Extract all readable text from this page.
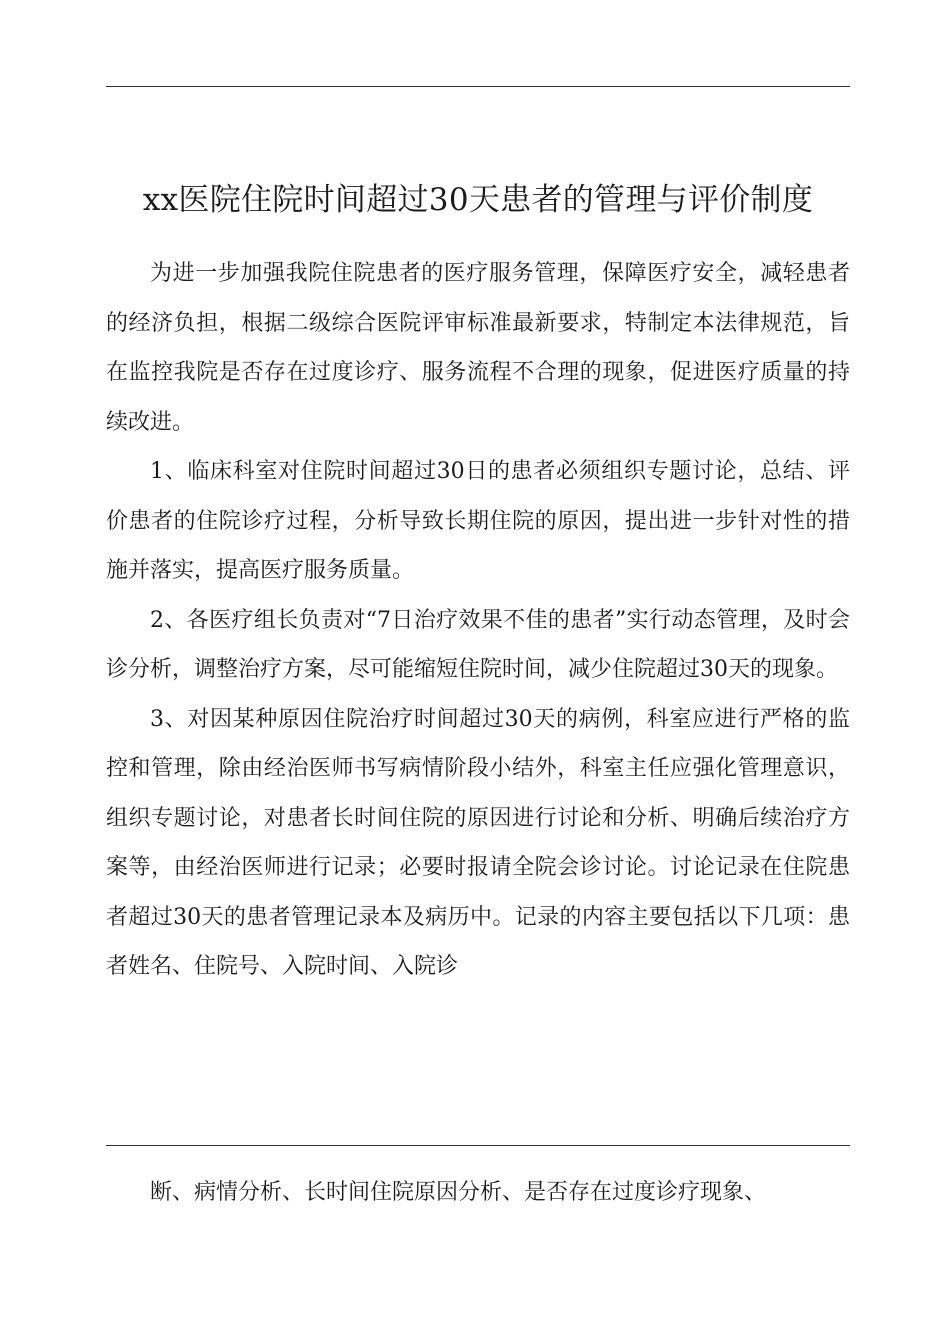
xx医院住院时间超过30天患者的管理与评价制度

为进一步加强我院住院患者的医疗服务管理，保障医疗安全，减轻患者的经济负担，根据二级综合医院评审标准最新要求，特制定本法律规范，旨在监控我院是否存在过度诊疗、服务流程不合理的现象，促进医疗质量的持续改进。

1、临床科室对住院时间超过30日的患者必须组织专题讨论，总结、评价患者的住院诊疗过程，分析导致长期住院的原因，提出进一步针对性的措施并落实，提高医疗服务质量。

2、各医疗组长负责对“7日治疗效果不佳的患者”实行动态管理，及时会诊分析，调整治疗方案，尽可能缩短住院时间，减少住院超过30天的现象。

3、对因某种原因住院治疗时间超过30天的病例，科室应进行严格的监控和管理，除由经治医师书写病情阶段小结外，科室主任应强化管理意识，组织专题讨论，对患者长时间住院的原因进行讨论和分析、明确后续治疗方案等，由经治医师进行记录；必要时报请全院会诊讨论。讨论记录在住院患者超过30天的患者管理记录本及病历中。记录的内容主要包括以下几项：患者姓名、住院号、入院时间、入院诊

断、病情分析、长时间住院原因分析、是否存在过度诊疗现象、
